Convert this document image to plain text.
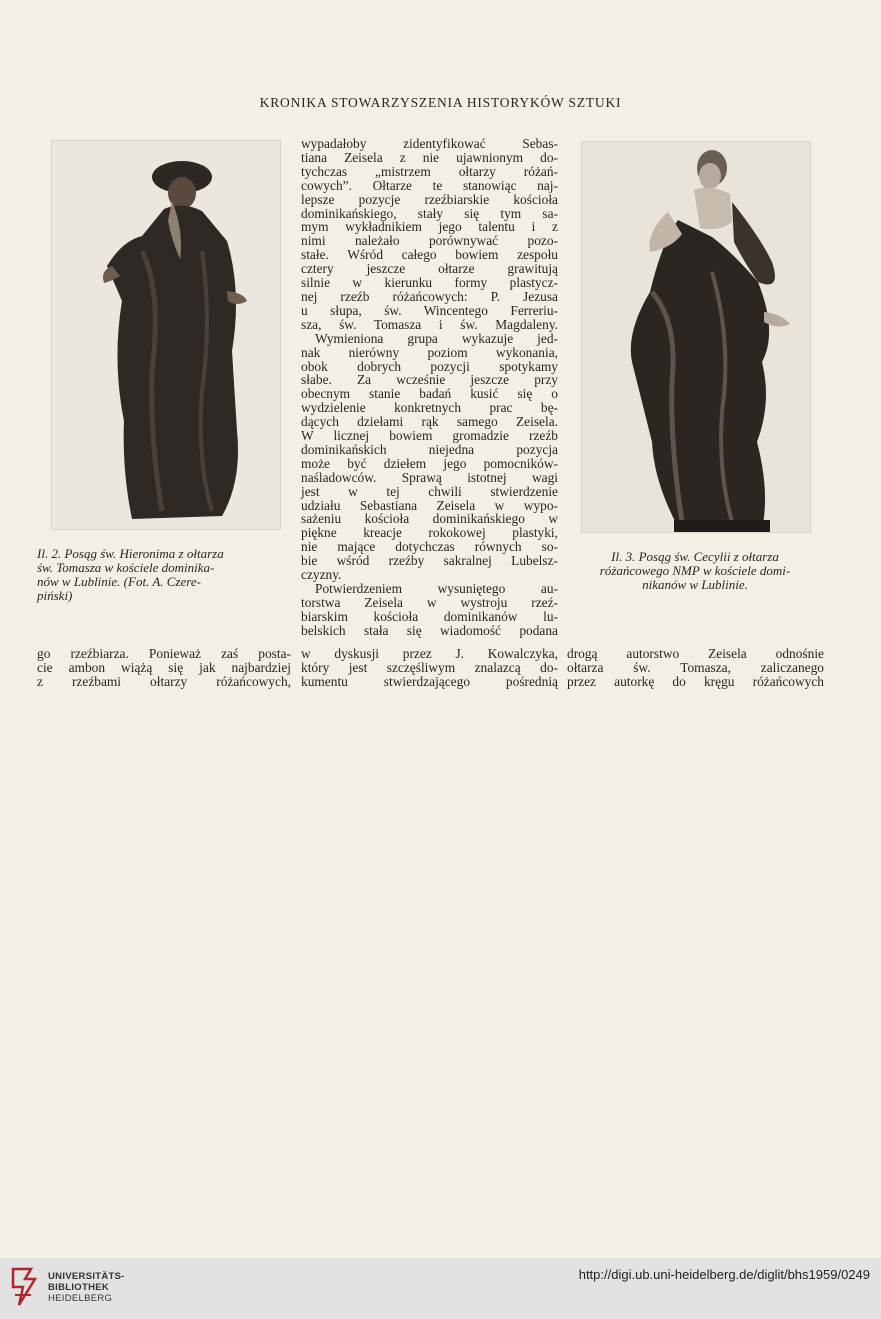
KRONIKA STOWARZYSZENIA HISTORYKÓW SZTUKI
Il. 2. Posąg św. Hieronima z ołtarza
św. Tomasza w kościele dominika-
nów w Lublinie. (Fot. A. Czere-
piński)
Il. 3. Posąg św. Cecylii z ołtarza
różańcowego NMP w kościele domi-
nikanów w Lublinie.
wypadałoby zidentyfikować Sebas-
tiana Zeisela z nie ujawnionym do-
tychczas „mistrzem ołtarzy różań-
cowych”. Ołtarze te stanowiąc naj-
lepsze pozycje rzeźbiarskie kościoła
dominikańskiego, stały się tym sa-
mym wykładnikiem jego talentu i z
nimi należało porównywać pozo-
stałe. Wśród całego bowiem zespołu
cztery jeszcze ołtarze grawitują
silnie w kierunku formy plastycz-
nej rzeźb różańcowych: P. Jezusa
u słupa, św. Wincentego Ferreriu-
sza, św. Tomasza i św. Magdaleny.
Wymieniona grupa wykazuje jed-
nak nierówny poziom wykonania,
obok dobrych pozycji spotykamy
słabe. Za wcześnie jeszcze przy
obecnym stanie badań kusić się o
wydzielenie konkretnych prac bę-
dących dziełami rąk samego Zeisela.
W licznej bowiem gromadzie rzeźb
dominikańskich niejedna pozycja
może być dziełem jego pomocników-
naśladowców. Sprawą istotnej wagi
jest w tej chwili stwierdzenie
udziału Sebastiana Zeisela w wypo-
sażeniu kościoła dominikańskiego w
piękne kreacje rokokowej plastyki,
nie mające dotychczas równych so-
bie wśród rzeźby sakralnej Lubelsz-
czyzny.
Potwierdzeniem wysuniętego au-
torstwa Zeisela w wystroju rzeź-
biarskim kościoła dominikanów lu-
belskich stała się wiadomość podana
go rzeźbiarza. Ponieważ zaś posta-
cie ambon wiążą się jak najbardziej
z rzeźbami ołtarzy różańcowych,
w dyskusji przez J. Kowalczyka,
który jest szczęśliwym znalazcą do-
kumentu stwierdzającego pośrednią
drogą autorstwo Zeisela odnośnie
ołtarza św. Tomasza, zaliczanego
przez autorkę do kręgu różańcowych
UNIVERSITÄTS-
BIBLIOTHEK
HEIDELBERG
http://digi.ub.uni-heidelberg.de/diglit/bhs1959/0249
